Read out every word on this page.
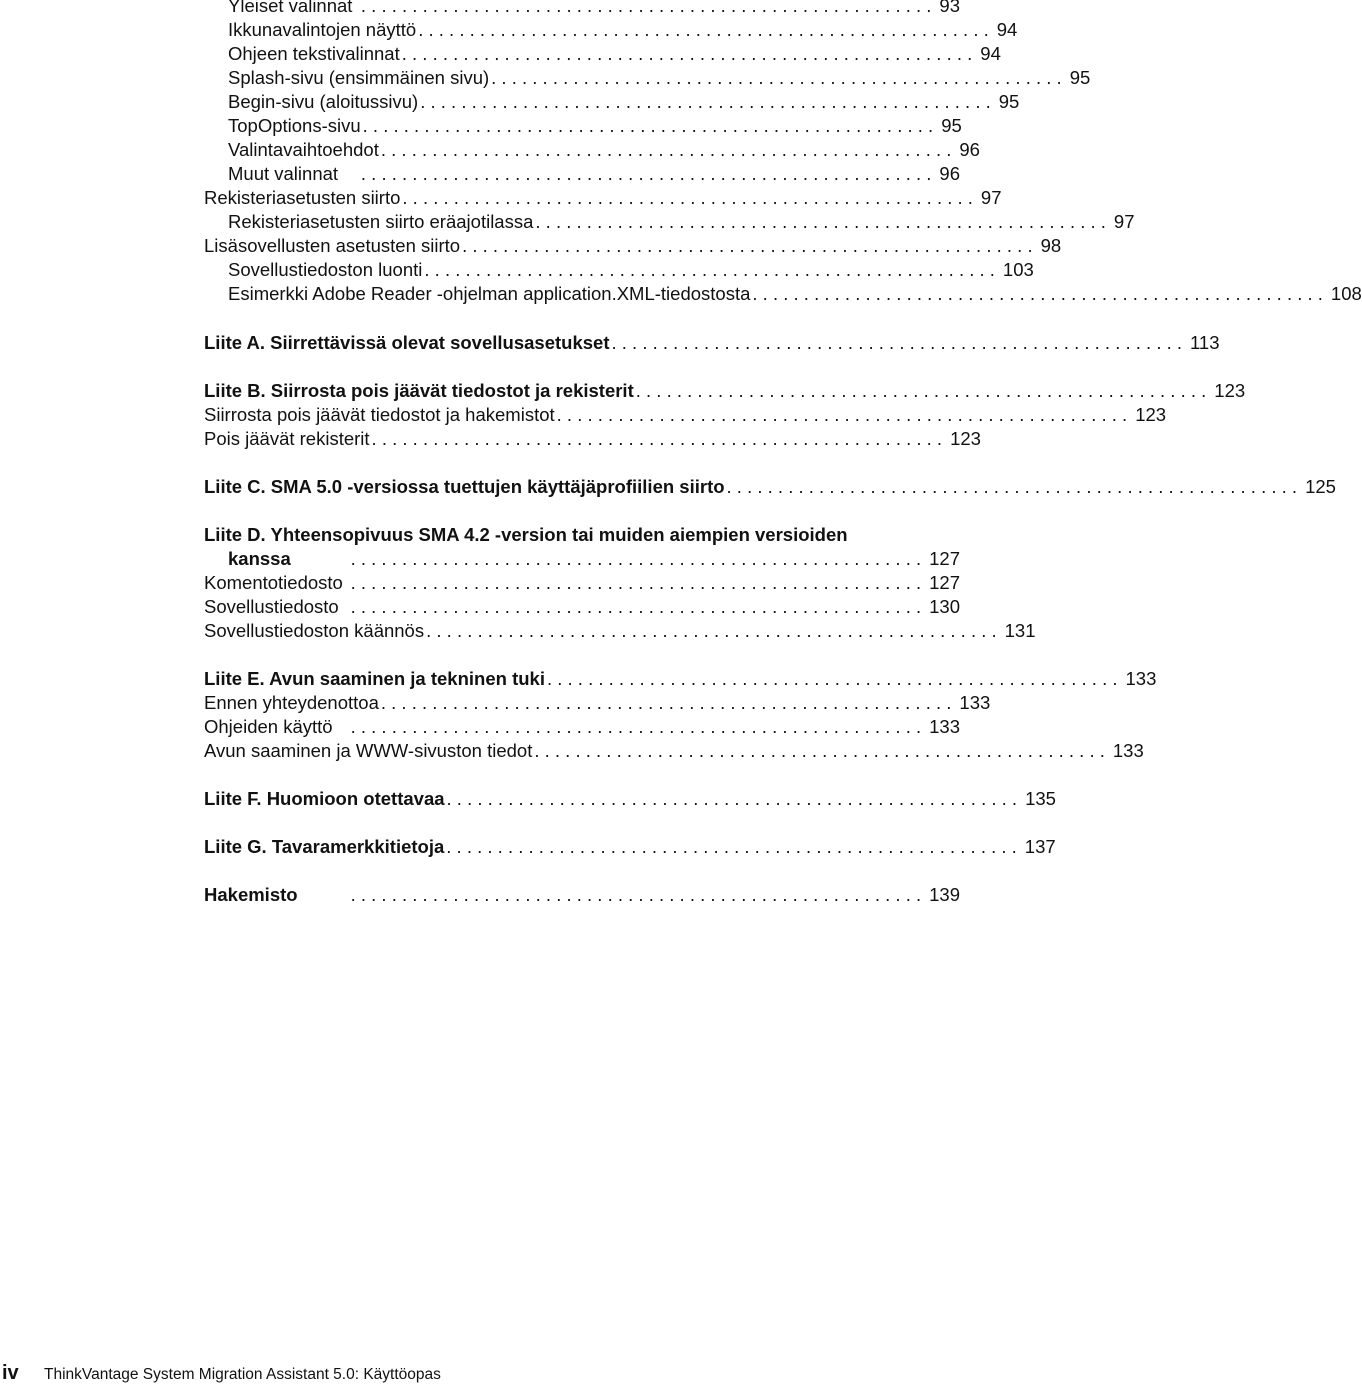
Yleiset valinnat . . . . . . . . . . . . . . . . . . . . . . . . . . . . . . . . . . . . . . . . . . . . . . . . . . . . . . . . 93
Ikkunavalintojen näyttö . . . . . . . . . . . . . . . . . . . . . . . . . . . . . . . . . . . . . . . . . . . . . . . . . . . . . . . . 94
Ohjeen tekstivalinnat . . . . . . . . . . . . . . . . . . . . . . . . . . . . . . . . . . . . . . . . . . . . . . . . . . . . . . . . 94
Splash-sivu (ensimmäinen sivu) . . . . . . . . . . . . . . . . . . . . . . . . . . . . . . . . . . . . . . . . . . . . . . . . . . . . . . . . 95
Begin-sivu (aloitussivu) . . . . . . . . . . . . . . . . . . . . . . . . . . . . . . . . . . . . . . . . . . . . . . . . . . . . . . . . 95
TopOptions-sivu . . . . . . . . . . . . . . . . . . . . . . . . . . . . . . . . . . . . . . . . . . . . . . . . . . . . . . . . 95
Valintavaihtoehdot . . . . . . . . . . . . . . . . . . . . . . . . . . . . . . . . . . . . . . . . . . . . . . . . . . . . . . . . 96
Muut valinnat	. . . . . . . . . . . . . . . . . . . . . . . . . . . . . . . . . . . . . . . . . . . . . . . . . . . . . . . . 96
Rekisteriasetusten siirto . . . . . . . . . . . . . . . . . . . . . . . . . . . . . . . . . . . . . . . . . . . . . . . . . . . . . . . . 97
Rekisteriasetusten siirto eräajotilassa . . . . . . . . . . . . . . . . . . . . . . . . . . . . . . . . . . . . . . . . . . . . . . . . . . . . . . . . 97
Lisäsovellusten asetusten siirto . . . . . . . . . . . . . . . . . . . . . . . . . . . . . . . . . . . . . . . . . . . . . . . . . . . . . . . . 98
Sovellustiedoston luonti . . . . . . . . . . . . . . . . . . . . . . . . . . . . . . . . . . . . . . . . . . . . . . . . . . . . . . . . 103
Esimerkki Adobe Reader -ohjelman application.XML-tiedostosta . . . . . . . . . . . . . . . . . . . . . . . . . . . . . . . . . . . . . . . . . . . . . . . . . . . . . . . . 108
Liite A. Siirrettävissä olevat sovellusasetukset . . . . . . . . . . . . . . . . . . . . . . . . . . . . . . . . . . . . . . . . . . . . . . . . . . . . . . . . 113
Liite B. Siirrosta pois jäävät tiedostot ja rekisterit . . . . . . . . . . . . . . . . . . . . . . . . . . . . . . . . . . . . . . . . . . . . . . . . . . . . . . . . 123
Siirrosta pois jäävät tiedostot ja hakemistot . . . . . . . . . . . . . . . . . . . . . . . . . . . . . . . . . . . . . . . . . . . . . . . . . . . . . . . . 123
Pois jäävät rekisterit . . . . . . . . . . . . . . . . . . . . . . . . . . . . . . . . . . . . . . . . . . . . . . . . . . . . . . . . 123
Liite C. SMA 5.0 -versiossa tuettujen käyttäjäprofiilien siirto . . . . . . . . . . . . . . . . . . . . . . . . . . . . . . . . . . . . . . . . . . . . . . . . . . . . . . . . 125
Liite D. Yhteensopivuus SMA 4.2 -version tai muiden aiempien versioiden
kanssa	. . . . . . . . . . . . . . . . . . . . . . . . . . . . . . . . . . . . . . . . . . . . . . . . . . . . . . . . 127
Komentotiedosto . . . . . . . . . . . . . . . . . . . . . . . . . . . . . . . . . . . . . . . . . . . . . . . . . . . . . . . . 127
Sovellustiedosto . . . . . . . . . . . . . . . . . . . . . . . . . . . . . . . . . . . . . . . . . . . . . . . . . . . . . . . . 130
Sovellustiedoston käännös . . . . . . . . . . . . . . . . . . . . . . . . . . . . . . . . . . . . . . . . . . . . . . . . . . . . . . . . 131
Liite E. Avun saaminen ja tekninen tuki . . . . . . . . . . . . . . . . . . . . . . . . . . . . . . . . . . . . . . . . . . . . . . . . . . . . . . . . 133
Ennen yhteydenottoa . . . . . . . . . . . . . . . . . . . . . . . . . . . . . . . . . . . . . . . . . . . . . . . . . . . . . . . . 133
Ohjeiden käyttö . . . . . . . . . . . . . . . . . . . . . . . . . . . . . . . . . . . . . . . . . . . . . . . . . . . . . . . . 133
Avun saaminen ja WWW-sivuston tiedot . . . . . . . . . . . . . . . . . . . . . . . . . . . . . . . . . . . . . . . . . . . . . . . . . . . . . . . . 133
Liite F. Huomioon otettavaa . . . . . . . . . . . . . . . . . . . . . . . . . . . . . . . . . . . . . . . . . . . . . . . . . . . . . . . . 135
Liite G. Tavaramerkkitietoja . . . . . . . . . . . . . . . . . . . . . . . . . . . . . . . . . . . . . . . . . . . . . . . . . . . . . . . . 137
Hakemisto	. . . . . . . . . . . . . . . . . . . . . . . . . . . . . . . . . . . . . . . . . . . . . . . . . . . . . . . . 139
iv	ThinkVantage System Migration Assistant 5.0: Käyttöopas
